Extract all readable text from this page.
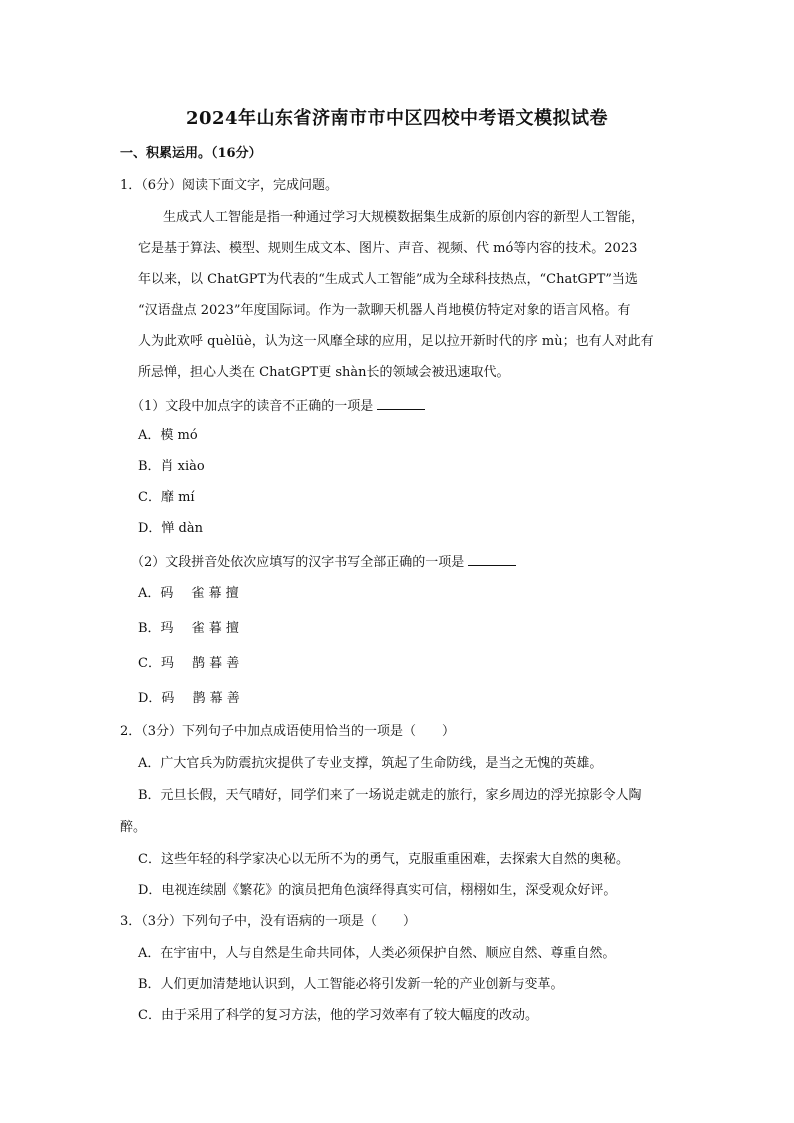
2024年山东省济南市市中区四校中考语文模拟试卷
一、积累运用。（16分）
1．（6分）阅读下面文字，完成问题。
生成式人工智能是指一种通过学习大规模数据集生成新的原创内容的新型人工智能，
它是基于算法、模型、规则生成文本、图片、声音、视频、代 mó等内容的技术。2023
年以来，以 ChatGPT为代表的“生成式人工智能”成为全球科技热点，“ChatGPT”当选
“汉语盘点 2023”年度国际词。作为一款聊天机器人肖地模仿特定对象的语言风格。有
人为此欢呼 quèlüè，认为这一风靡全球的应用，足以拉开新时代的序 mù；也有人对此有
所忌惮，担心人类在 ChatGPT更 shàn长的领域会被迅速取代。
（1）文段中加点字的读音不正确的一项是
A．模 mó
B．肖 xiào
C．靡 mí
D．惮 dàn
（2）文段拼音处依次应填写的汉字书写全部正确的一项是
A．码 雀 幕 擅
B．玛 雀 暮 擅
C．玛 鹊 暮 善
D．码 鹊 幕 善
2．（3分）下列句子中加点成语使用恰当的一项是（　　）
A．广大官兵为防震抗灾提供了专业支撑，筑起了生命防线，是当之无愧的英雄。
B．元旦长假，天气晴好，同学们来了一场说走就走的旅行，家乡周边的浮光掠影令人陶
醉。
C．这些年轻的科学家决心以无所不为的勇气，克服重重困难，去探索大自然的奥秘。
D．电视连续剧《繁花》的演员把角色演绎得真实可信，栩栩如生，深受观众好评。
3．（3分）下列句子中，没有语病的一项是（　　）
A．在宇宙中，人与自然是生命共同体，人类必须保护自然、顺应自然、尊重自然。
B．人们更加清楚地认识到，人工智能必将引发新一轮的产业创新与变革。
C．由于采用了科学的复习方法，他的学习效率有了较大幅度的改动。
